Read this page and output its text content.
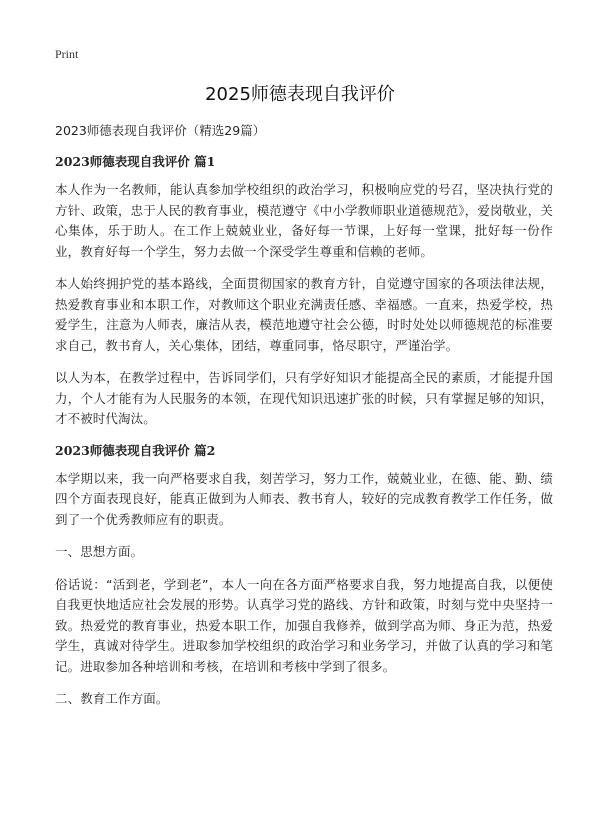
Print
2025师德表现自我评价
2023师德表现自我评价（精选29篇）
2023师德表现自我评价 篇1

本人作为一名教师，能认真参加学校组织的政治学习，积极响应党的号召，坚决执行党的方针、政策，忠于人民的教育事业，模范遵守《中小学教师职业道德规范》，爱岗敬业，关心集体，乐于助人。在工作上兢兢业业，备好每一节课，上好每一堂课，批好每一份作业，教育好每一个学生，努力去做一个深受学生尊重和信赖的老师。

本人始终拥护党的基本路线，全面贯彻国家的教育方针，自觉遵守国家的各项法律法规，热爱教育事业和本职工作，对教师这个职业充满责任感、幸福感。一直来，热爱学校，热爱学生，注意为人师表，廉洁从表，模范地遵守社会公德，时时处处以师德规范的标准要求自己，教书育人，关心集体，团结，尊重同事，恪尽职守，严谨治学。

以人为本，在教学过程中，告诉同学们，只有学好知识才能提高全民的素质，才能提升国力，个人才能有为人民服务的本领，在现代知识迅速扩张的时候，只有掌握足够的知识，才不被时代淘汰。

2023师德表现自我评价 篇2

本学期以来，我一向严格要求自我，刻苦学习，努力工作，兢兢业业，在德、能、勤、绩四个方面表现良好，能真正做到为人师表、教书育人，较好的完成教育教学工作任务，做到了一个优秀教师应有的职责。

一、思想方面。

俗话说：“活到老，学到老”，本人一向在各方面严格要求自我，努力地提高自我，以便使自我更快地适应社会发展的形势。认真学习党的路线、方针和政策，时刻与党中央坚持一致。热爱党的教育事业，热爱本职工作，加强自我修养，做到学高为师、身正为范，热爱学生，真诚对待学生。进取参加学校组织的政治学习和业务学习，并做了认真的学习和笔记。进取参加各种培训和考核，在培训和考核中学到了很多。

二、教育工作方面。
